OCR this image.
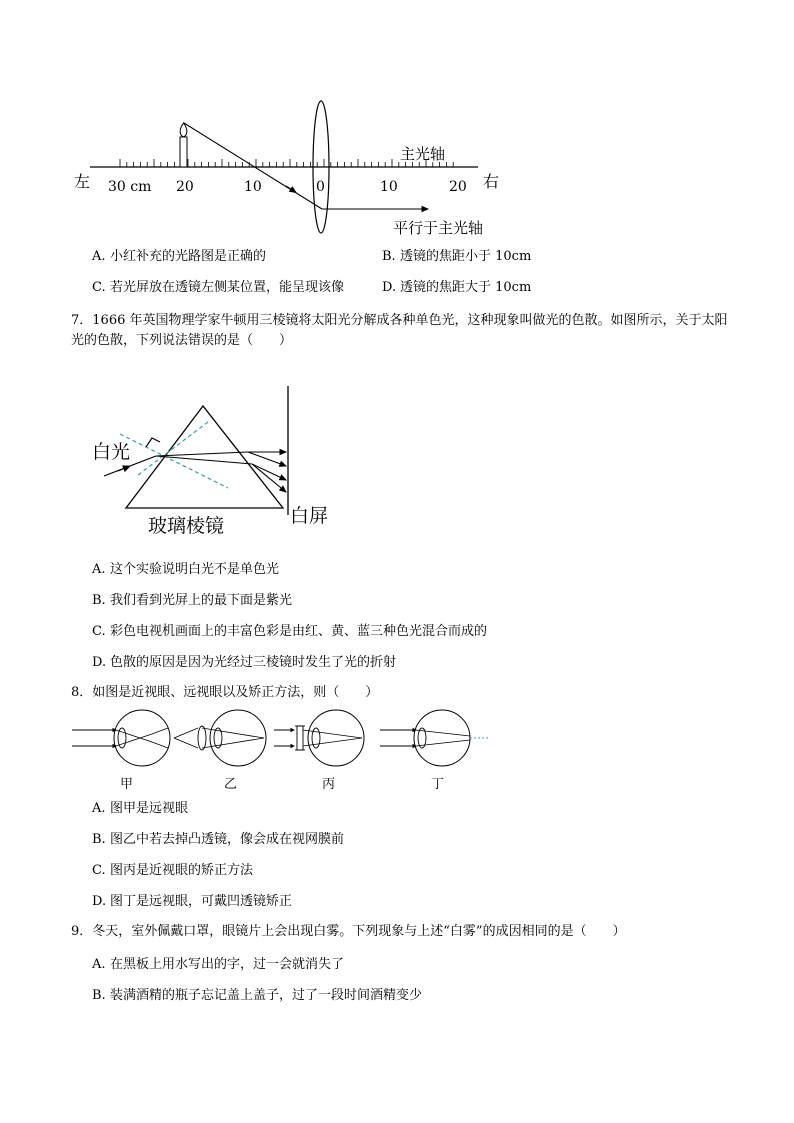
左	右
30 cm 20	10	0	10	20
主光轴
平行于主光轴
A. 小红补充的光路图是正确的	B. 透镜的焦距小于 10cm
C. 若光屏放在透镜左侧某位置，能呈现该像	D. 透镜的焦距大于 10cm
7．1666 年英国物理学家牛顿用三棱镜将太阳光分解成各种单色光，这种现象叫做光的色散。如图所示，关于太阳光的色散，下列说法错误的是（　　）
白光
玻璃棱镜	白屏
A. 这个实验说明白光不是单色光
B. 我们看到光屏上的最下面是紫光
C. 彩色电视机画面上的丰富色彩是由红、黄、蓝三种色光混合而成的
D. 色散的原因是因为光经过三棱镜时发生了光的折射
8．如图是近视眼、远视眼以及矫正方法，则（　　）
甲	乙	丙	丁
A. 图甲是远视眼
B. 图乙中若去掉凸透镜，像会成在视网膜前
C. 图丙是近视眼的矫正方法
D. 图丁是远视眼，可戴凹透镜矫正
9．冬天，室外佩戴口罩，眼镜片上会出现白雾。下列现象与上述“白雾”的成因相同的是（　　）
A. 在黑板上用水写出的字，过一会就消失了
B. 装满酒精的瓶子忘记盖上盖子，过了一段时间酒精变少
